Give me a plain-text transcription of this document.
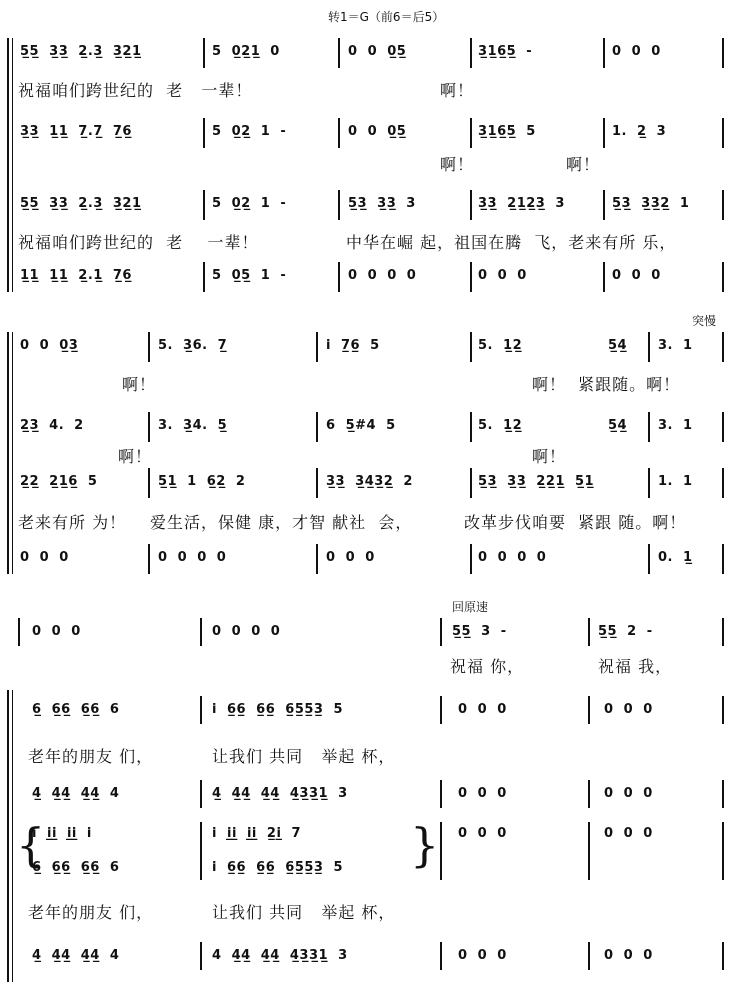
转1＝G（前6＝后5）
突慢
回原速
5̲5̲  3̲3̲  2̲.3̲  3̲2̲1̲	5  0̲2̲1̲  0	0  0  0̲5̲	3̲1̲6̲5̲  -	0  0  0
祝福咱们跨世纪的  老   一辈！	啊！
3̲3̲  1̲1̲  7̲.7̲  7̲6̲	5  0̲2̲  1  -	0  0  0̲5̲	3̲1̲6̲5̲  5	1.  2̲  3
啊！	啊！
5̲5̲  3̲3̲  2̲.3̲  3̲2̲1̲	5  0̲2̲  1  -	5̲3̲  3̲3̲  3	3̲3̲  2̲1̲2̲3̲  3	5̲3̲  3̲3̲2̲  1
祝福咱们跨世纪的  老    一辈！	中华在崛 起，祖国在腾  飞，老来有所 乐，
1̲1̲  1̲1̲  2̲.1̲  7̲6̲	5  0̲5̲  1  -	0  0  0  0	0  0  0	0  0  0
0  0  0̲3̲	5.  3̲6.  7̲	i  7̲6̲  5	5.  1̲2̲	5̲4̲ 3.  1
啊！	啊！  紧跟随。啊！
2̲3̲  4.  2	3.  3̲4.  5̲	6  5̲#4  5	5.  1̲2̲	5̲4̲ 3.  1
啊！	啊！
2̲2̲  2̲1̲6̲  5	5̲1̲  1  6̲2̲  2	3̲3̲  3̲4̲3̲2̲  2	5̲3̲  3̲3̲  2̲2̲1̲  5̲1̲	1.  1
老来有所 为！ 爱生活，保健 康，才智 献社  会，	改革步伐咱要  紧跟 随。啊！
0  0  0	0  0  0  0	0  0  0	0  0  0  0	0.  1̲
0  0  0	0  0  0  0	5̲5̲  3  -	5̲5̲  2  -
祝福 你，	祝福 我，
6̲  6̲6̲  6̲6̲  6	i  6̲6̲  6̲6̲  6̲5̲5̲3̲  5	0  0  0	0  0  0
老年的朋友 们，	让我们 共同   举起 杯，
4̲  4̲4̲  4̲4̲  4	4̲  4̲4̲  4̲4̲  4̲3̲3̲1̲  3	0  0  0	0  0  0
{	}
i  i̲i̲  i̲i̲  i	i  i̲i̲  i̲i̲  2̲i̲  7	0  0  0	0  0  0
6̲  6̲6̲  6̲6̲  6	i  6̲6̲  6̲6̲  6̲5̲5̲3̲  5
老年的朋友 们，	让我们 共同   举起 杯，
4̲  4̲4̲  4̲4̲  4	4  4̲4̲  4̲4̲  4̲3̲3̲1̲  3	0  0  0	0  0  0
